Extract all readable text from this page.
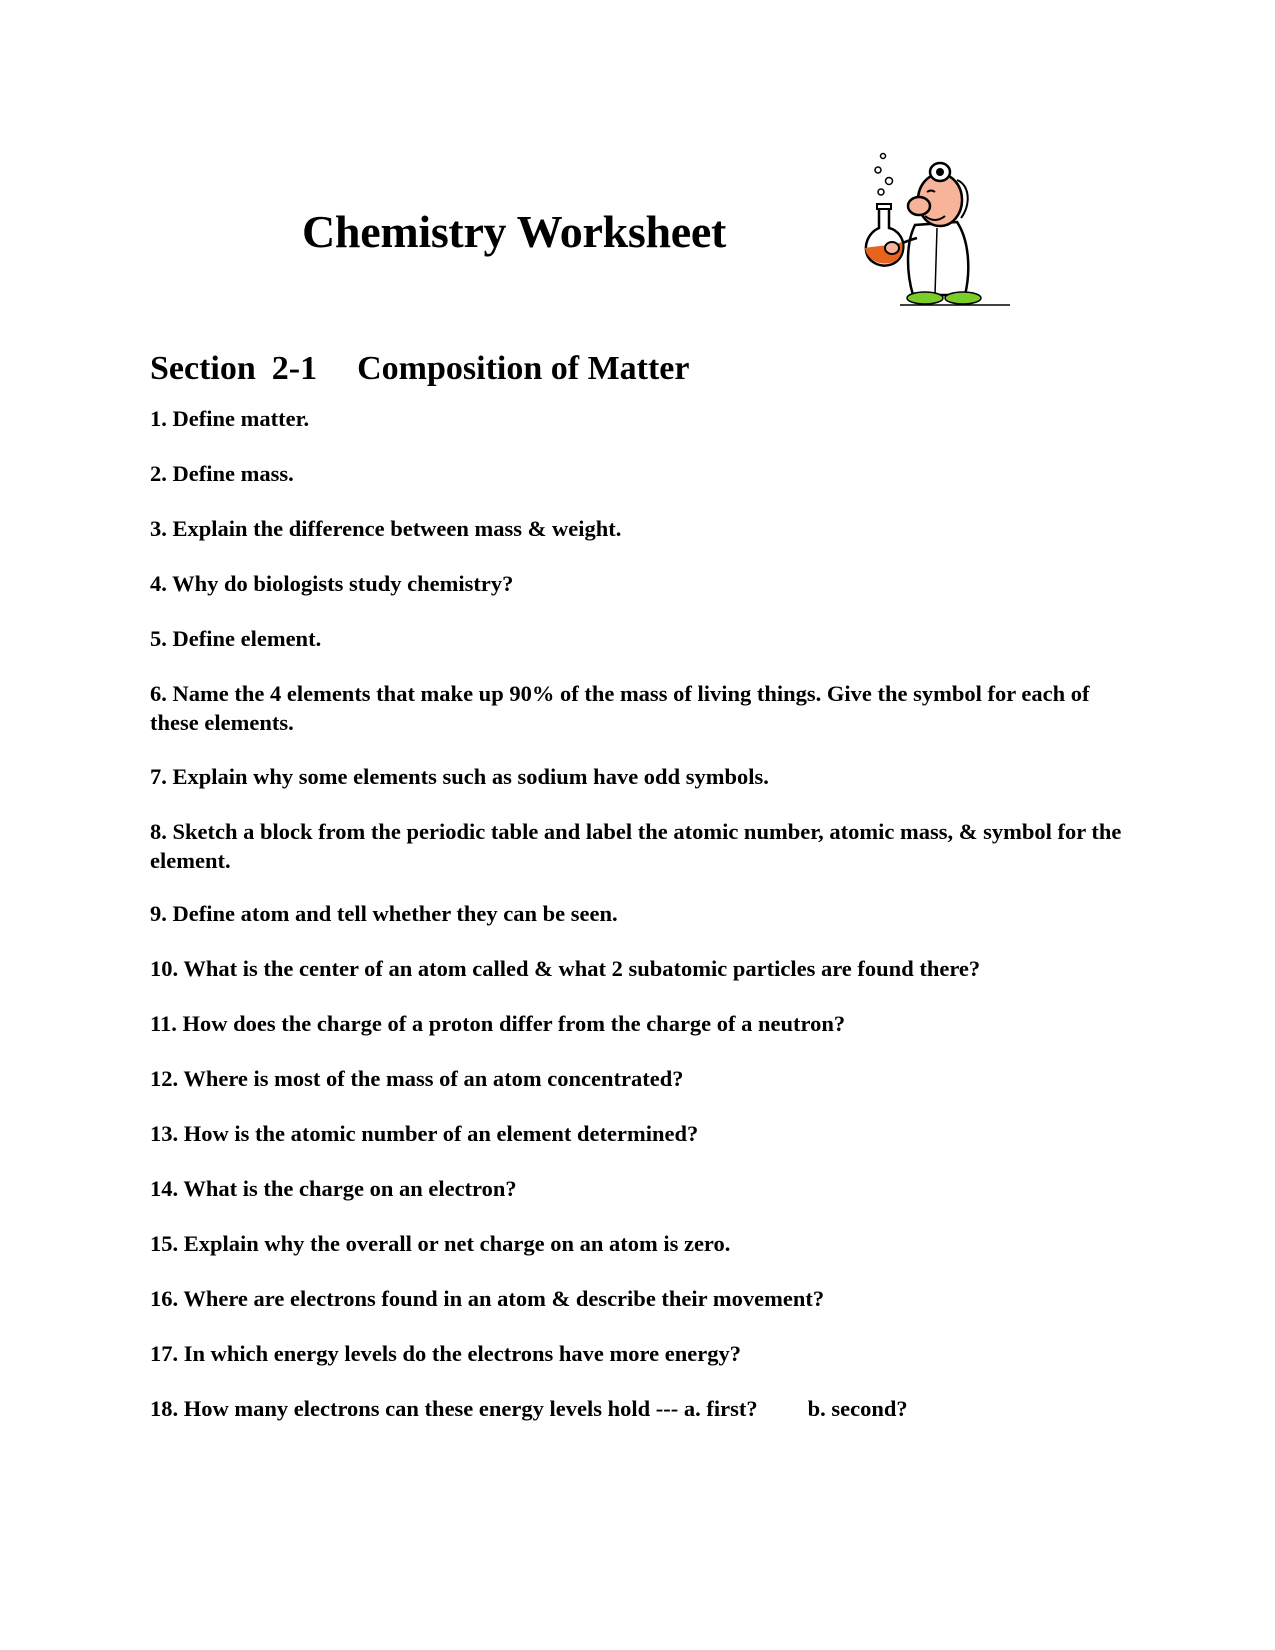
Chemistry Worksheet
Section 2-1 Composition of Matter
1. Define matter.
2. Define mass.
3. Explain the difference between mass & weight.
4. Why do biologists study chemistry?
5. Define element.
6. Name the 4 elements that make up 90% of the mass of living things. Give the symbol for each of these elements.
7. Explain why some elements such as sodium have odd symbols.
8. Sketch a block from the periodic table and label the atomic number, atomic mass, & symbol for the element.
9. Define atom and tell whether they can be seen.
10. What is the center of an atom called & what 2 subatomic particles are found there?
11. How does the charge of a proton differ from the charge of a neutron?
12. Where is most of the mass of an atom concentrated?
13. How is the atomic number of an element determined?
14. What is the charge on an electron?
15. Explain why the overall or net charge on an atom is zero.
16. Where are electrons found in an atom & describe their movement?
17. In which energy levels do the electrons have more energy?
18. How many electrons can these energy levels hold --- a. first? b. second?
